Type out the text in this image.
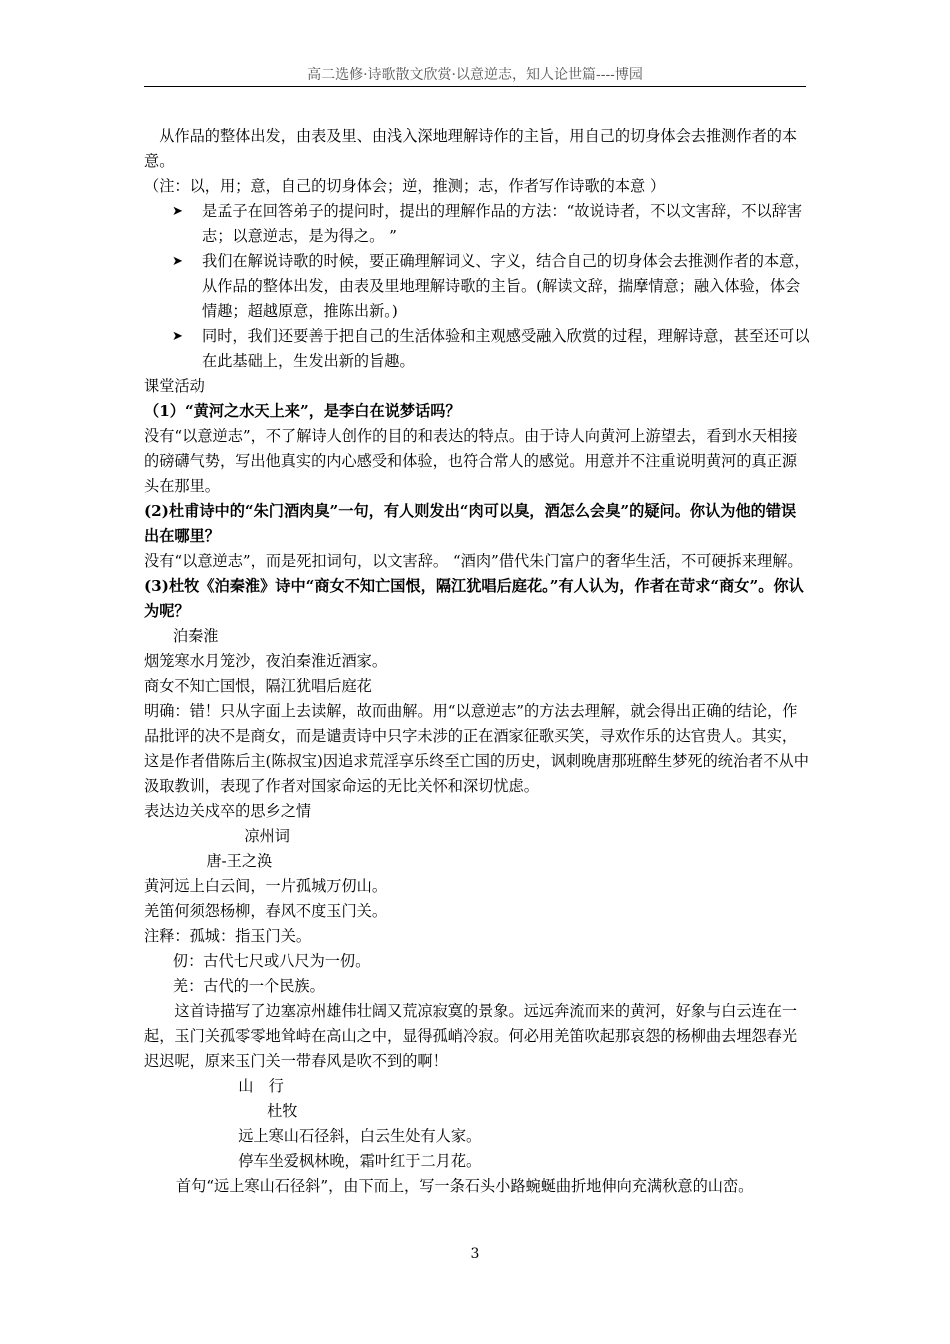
高二选修·诗歌散文欣赏·以意逆志，知人论世篇----博园

从作品的整体出发，由表及里、由浅入深地理解诗作的主旨，用自己的切身体会去推测作者的本意。

（注：以，用；意，自己的切身体会；逆，推测；志，作者写作诗歌的本意 ）

➤ 是孟子在回答弟子的提问时，提出的理解作品的方法：“故说诗者，不以文害辞，不以辞害志；以意逆志，是为得之。 ”
➤ 我们在解说诗歌的时候，要正确理解词义、字义，结合自己的切身体会去推测作者的本意，从作品的整体出发，由表及里地理解诗歌的主旨。(解读文辞，揣摩情意；融入体验，体会情趣；超越原意，推陈出新。)
➤ 同时，我们还要善于把自己的生活体验和主观感受融入欣赏的过程，理解诗意，甚至还可以在此基础上，生发出新的旨趣。

课堂活动

（1）“黄河之水天上来”，是李白在说梦话吗？

没有“以意逆志”，不了解诗人创作的目的和表达的特点。由于诗人向黄河上游望去，看到水天相接的磅礴气势，写出他真实的内心感受和体验，也符合常人的感觉。用意并不注重说明黄河的真正源头在那里。

(2)杜甫诗中的“朱门酒肉臭”一句，有人则发出“肉可以臭，酒怎么会臭”的疑问。你认为他的错误出在哪里？

没有“以意逆志”，而是死扣词句，以文害辞。 “酒肉”借代朱门富户的奢华生活，不可硬拆来理解。

(3)杜牧《泊秦淮》诗中“商女不知亡国恨，隔江犹唱后庭花。”有人认为，作者在苛求“商女”。你认为呢？

泊秦淮

烟笼寒水月笼沙，夜泊秦淮近酒家。

商女不知亡国恨，隔江犹唱后庭花

明确：错！只从字面上去读解，故而曲解。用“以意逆志”的方法去理解，就会得出正确的结论，作品批评的决不是商女，而是谴责诗中只字未涉的正在酒家征歌买笑，寻欢作乐的达官贵人。其实，这是作者借陈后主(陈叔宝)因追求荒淫享乐终至亡国的历史，讽刺晚唐那班醉生梦死的统治者不从中汲取教训，表现了作者对国家命运的无比关怀和深切忧虑。

表达边关戍卒的思乡之情

凉州词

唐-王之涣

黄河远上白云间，一片孤城万仞山。

羌笛何须怨杨柳，春风不度玉门关。

注释：孤城：指玉门关。

仞：古代七尺或八尺为一仞。

羌：古代的一个民族。

这首诗描写了边塞凉州雄伟壮阔又荒凉寂寞的景象。远远奔流而来的黄河，好象与白云连在一起，玉门关孤零零地耸峙在高山之中，显得孤峭冷寂。何必用羌笛吹起那哀怨的杨柳曲去埋怨春光迟迟呢，原来玉门关一带春风是吹不到的啊！

山　行

杜牧

远上寒山石径斜，白云生处有人家。

停车坐爱枫林晚，霜叶红于二月花。

首句“远上寒山石径斜”，由下而上，写一条石头小路蜿蜒曲折地伸向充满秋意的山峦。

3
